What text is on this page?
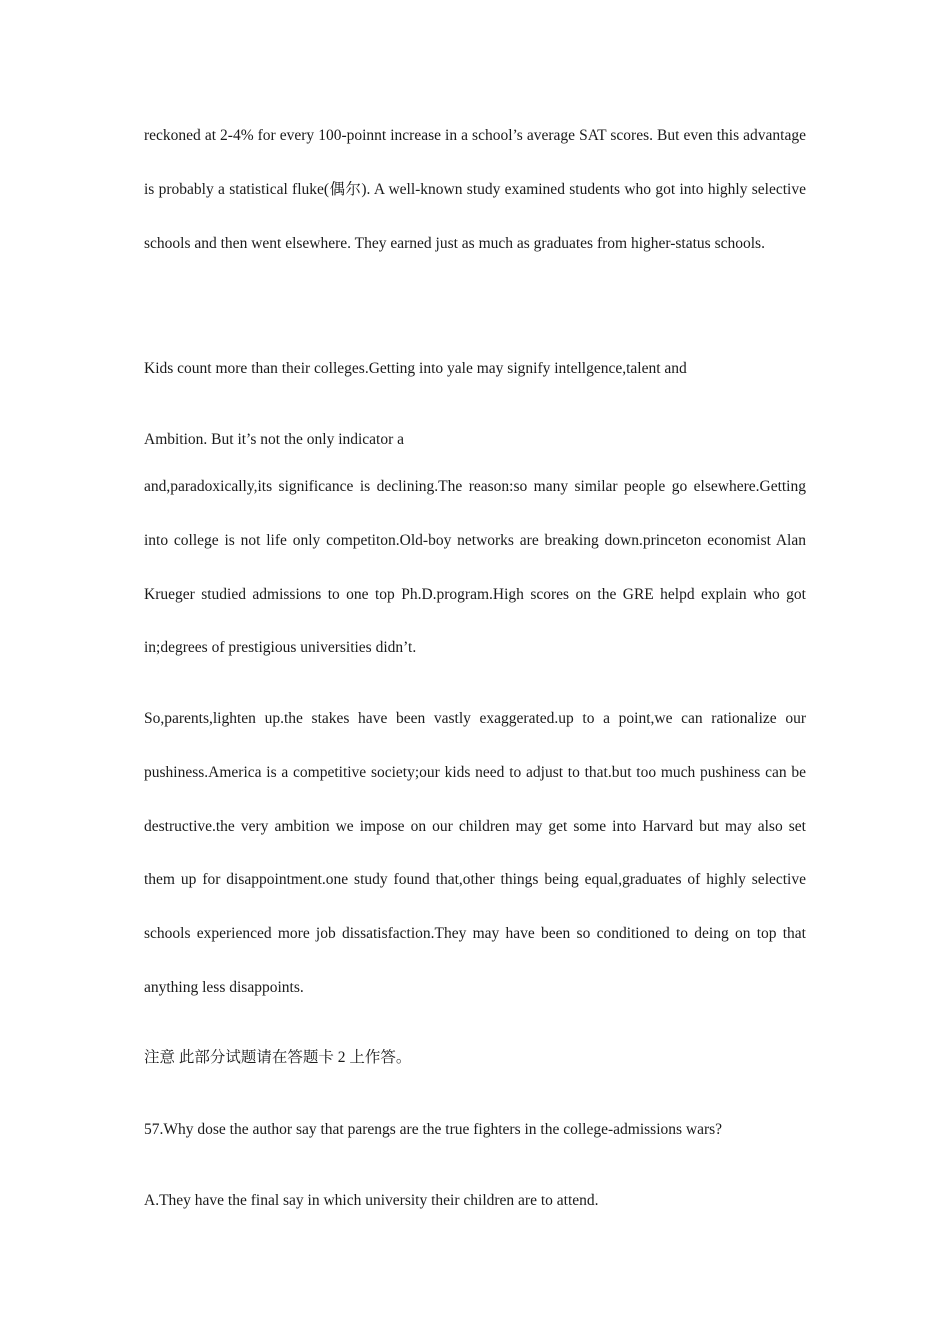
reckoned at 2-4% for every 100-poinnt increase in a school’s average SAT scores. But even this advantage is probably a statistical fluke(偶尔). A well-known study examined students who got into highly selective schools and then went elsewhere. They earned just as much as graduates from higher-status schools.

Kids count more than their colleges.Getting into yale may signify intellgence,talent and

Ambition. But it’s not the only indicator a

and,paradoxically,its significance is declining.The reason:so many similar people go elsewhere.Getting into college is not life only competiton.Old-boy networks are breaking down.princeton economist Alan Krueger studied admissions to one top Ph.D.program.High scores on the GRE helpd explain who got in;degrees of prestigious universities didn’t.

So,parents,lighten up.the stakes have been vastly exaggerated.up to a point,we can rationalize our pushiness.America is a competitive society;our kids need to adjust to that.but too much pushiness can be destructive.the very ambition we impose on our children may get some into Harvard but may also set them up for disappointment.one study found that,other things being equal,graduates of highly selective schools experienced more job dissatisfaction.They may have been so conditioned to deing on top that anything less disappoints.

注意 此部分试题请在答题卡 2 上作答。

57.Why dose the author say that parengs are the true fighters in the college-admissions wars?

A.They have the final say in which university their children are to attend.
